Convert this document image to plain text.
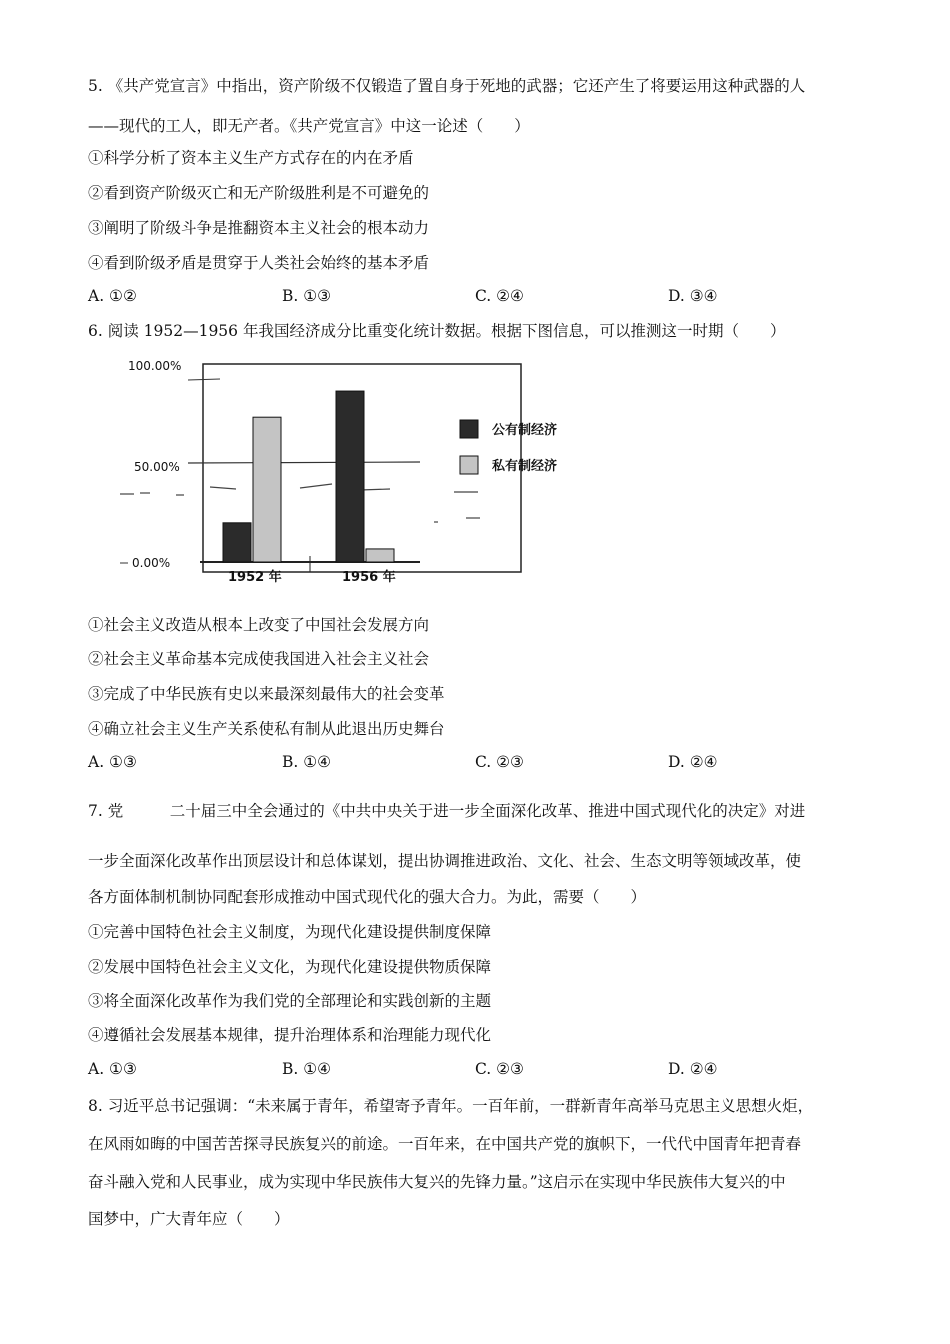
5. 《共产党宣言》中指出，资产阶级不仅锻造了置自身于死地的武器；它还产生了将要运用这种武器的人
——现代的工人，即无产者。《共产党宣言》中这一论述（　　）
①科学分析了资本主义生产方式存在的内在矛盾
②看到资产阶级灭亡和无产阶级胜利是不可避免的
③阐明了阶级斗争是推翻资本主义社会的根本动力
④看到阶级矛盾是贯穿于人类社会始终的基本矛盾
A. ①②	B. ①③	C. ②④	D. ③④
6. 阅读 1952—1956 年我国经济成分比重变化统计数据。根据下图信息，可以推测这一时期（　　）
100.00%
50.00%
0.00%
1952 年	1956 年
公有制经济
私有制经济
①社会主义改造从根本上改变了中国社会发展方向
②社会主义革命基本完成使我国进入社会主义社会
③完成了中华民族有史以来最深刻最伟大的社会变革
④确立社会主义生产关系使私有制从此退出历史舞台
A. ①③	B. ①④	C. ②③	D. ②④
7. 党　　　二十届三中全会通过的《中共中央关于进一步全面深化改革、推进中国式现代化的决定》对进
一步全面深化改革作出顶层设计和总体谋划，提出协调推进政治、文化、社会、生态文明等领域改革，使
各方面体制机制协同配套形成推动中国式现代化的强大合力。为此，需要（　　）
①完善中国特色社会主义制度，为现代化建设提供制度保障
②发展中国特色社会主义文化，为现代化建设提供物质保障
③将全面深化改革作为我们党的全部理论和实践创新的主题
④遵循社会发展基本规律，提升治理体系和治理能力现代化
A. ①③	B. ①④	C. ②③	D. ②④
8. 习近平总书记强调：“未来属于青年，希望寄予青年。一百年前，一群新青年高举马克思主义思想火炬，
在风雨如晦的中国苦苦探寻民族复兴的前途。一百年来，在中国共产党的旗帜下，一代代中国青年把青春
奋斗融入党和人民事业，成为实现中华民族伟大复兴的先锋力量。”这启示在实现中华民族伟大复兴的中
国梦中，广大青年应（　　）
